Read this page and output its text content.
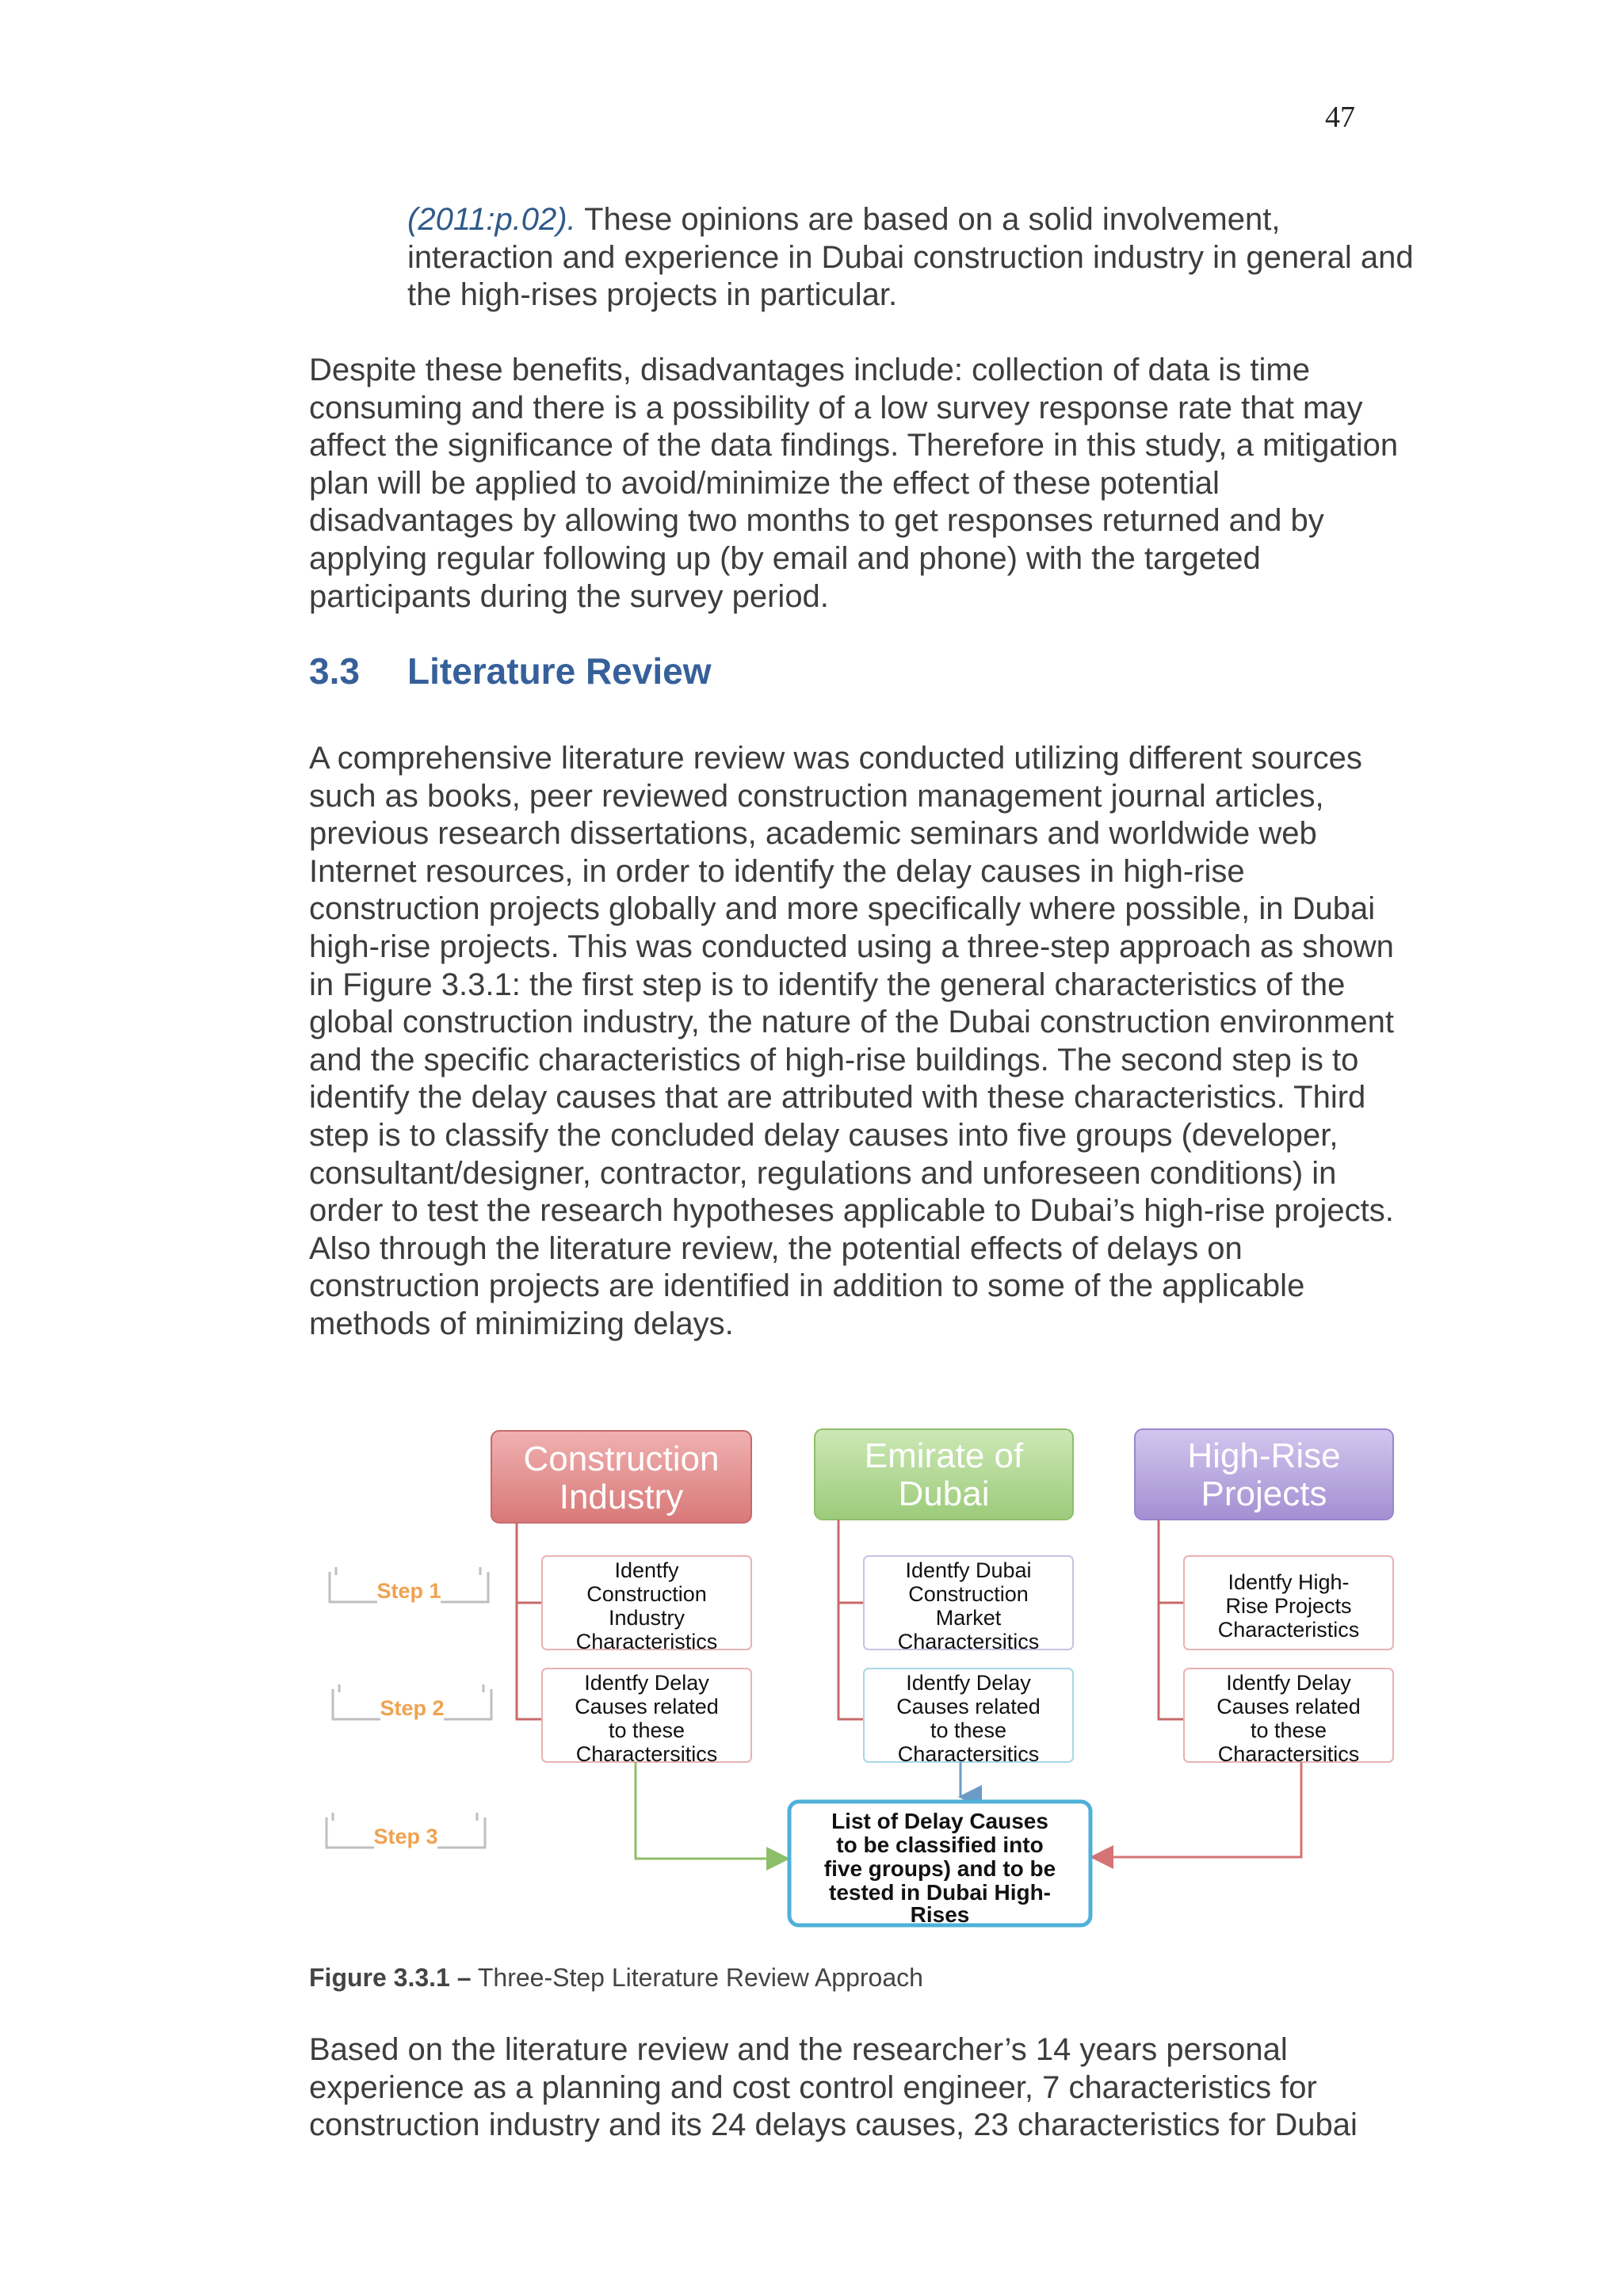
47

(2011:p.02). These opinions are based on a solid involvement, interaction and experience in Dubai construction industry in general and the high-rises projects in particular.

Despite these benefits, disadvantages include: collection of data is time consuming and there is a possibility of a low survey response rate that may affect the significance of the data findings. Therefore in this study, a mitigation plan will be applied to avoid/minimize the effect of these potential disadvantages by allowing two months to get responses returned and by applying regular following up (by email and phone) with the targeted participants during the survey period.

3.3 Literature Review

A comprehensive literature review was conducted utilizing different sources such as books, peer reviewed construction management journal articles, previous research dissertations, academic seminars and worldwide web Internet resources, in order to identify the delay causes in high-rise construction projects globally and more specifically where possible, in Dubai high-rise projects. This was conducted using a three-step approach as shown in Figure 3.3.1: the first step is to identify the general characteristics of the global construction industry, the nature of the Dubai construction environment and the specific characteristics of high-rise buildings. The second step is to identify the delay causes that are attributed with these characteristics. Third step is to classify the concluded delay causes into five groups (developer, consultant/designer, contractor, regulations and unforeseen conditions) in order to test the research hypotheses applicable to Dubai’s high-rise projects. Also through the literature review, the potential effects of delays on construction projects are identified in addition to some of the applicable methods of minimizing delays.

Step 1
Step 2
Step 3
Construction
Industry
Identfy
Construction
Industry
Characteristics
Identfy Delay
Causes related
to these
Charactersitics
Emirate of
Dubai
Identfy Dubai
Construction
Market
Charactersitics
Identfy Delay
Causes related
to these
Charactersitics
High-Rise
Projects
Identfy High-
Rise Projects
Characteristics
Identfy Delay
Causes related
to these
Charactersitics
List of Delay Causes
to be classified into
five groups) and to be
tested in Dubai High-
Rises
Figure 3.3.1 – Three-Step Literature Review Approach

Based on the literature review and the researcher’s 14 years personal experience as a planning and cost control engineer, 7 characteristics for construction industry and its 24 delays causes, 23 characteristics for Dubai
